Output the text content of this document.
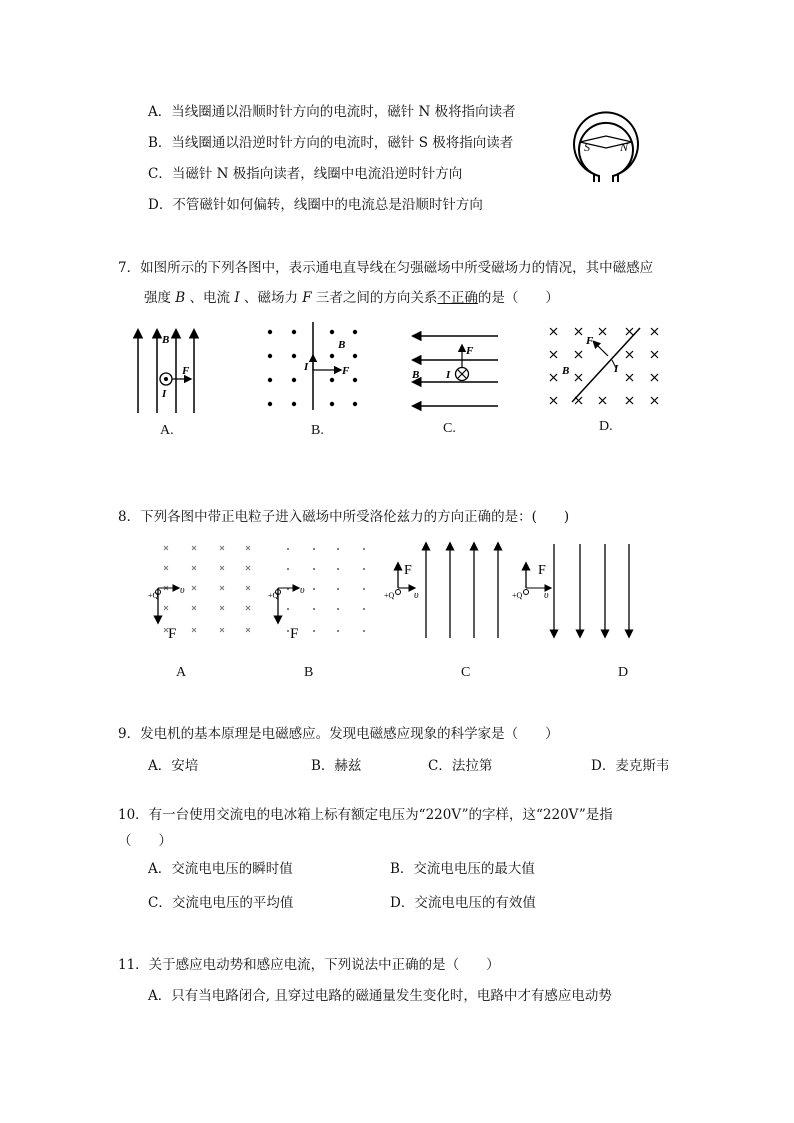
A．当线圈通以沿顺时针方向的电流时，磁针 N 极将指向读者
B．当线圈通以沿逆时针方向的电流时，磁针 S 极将指向读者
C．当磁针 N 极指向读者，线圈中电流沿逆时针方向
D．不管磁针如何偏转，线圈中的电流总是沿顺时针方向
S	N
7．如图所示的下列各图中，表示通电直导线在匀强磁场中所受磁场力的情况，其中磁感应
强度 B 、电流 I 、磁场力 F 三者之间的方向关系不正确的是（　　）
B
F
I
A.
B
I	F
B.
F
B I
C.
F
B	I
D.
8．下列各图中带正电粒子进入磁场中所受洛伦兹力的方向正确的是：(　　)
+Q υ
F
A
+Q υ
F
B
+Q υ
F
C
+Q υ
F
D
9．发电机的基本原理是电磁感应。发现电磁感应现象的科学家是（　　）
A．安培	B．赫兹	C．法拉第	D．麦克斯韦
10．有一台使用交流电的电冰箱上标有额定电压为“220V”的字样，这“220V”是指
（　　）
A．交流电电压的瞬时值	B．交流电电压的最大值
C．交流电电压的平均值	D．交流电电压的有效值
11．关于感应电动势和感应电流，下列说法中正确的是（　　）
A．只有当电路闭合, 且穿过电路的磁通量发生变化时，电路中才有感应电动势
